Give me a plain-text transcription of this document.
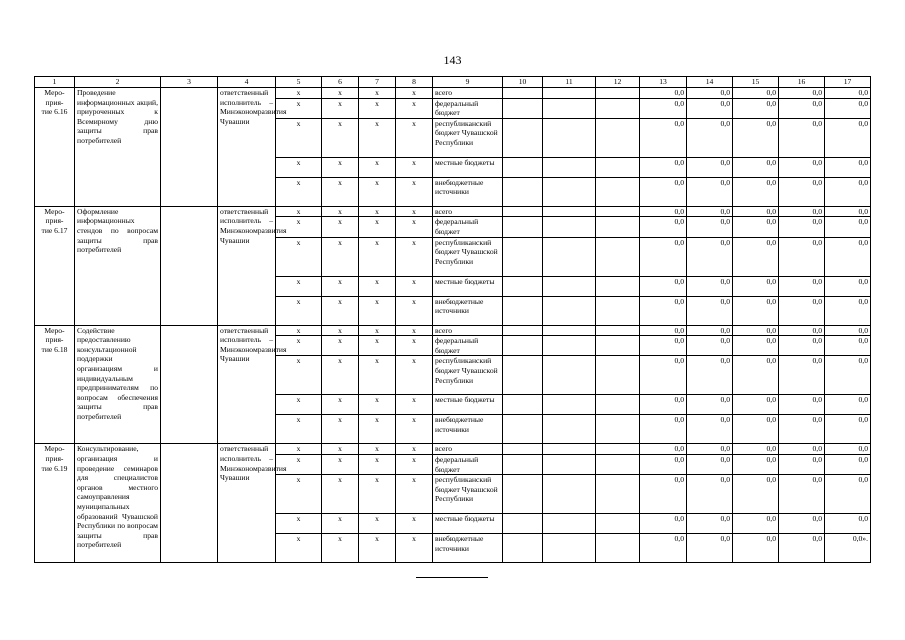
143
1	2	3	4	5	6	7	8	9	10	11	12	13	14	15	16	17
Меро-
прия-
тие 6.16	Проведение информационных акций, приуроченных к Всемирному дню защиты прав потребителей		ответственный исполнитель – Минэкономразвития Чувашии	x	x	x	x	всего				0,0	0,0	0,0	0,0	0,0
				x	x	x	x	федеральный бюджет				0,0	0,0	0,0	0,0	0,0
				x	x	x	x	республиканский бюджет Чувашской Республики				0,0	0,0	0,0	0,0	0,0
				x	x	x	x	местные бюджеты				0,0	0,0	0,0	0,0	0,0
				x	x	x	x	внебюджетные источники				0,0	0,0	0,0	0,0	0,0
Меро-
прия-
тие 6.17	Оформление информационных стендов по вопросам защиты прав потребителей		ответственный исполнитель – Минэкономразвития Чувашии	x	x	x	x	всего				0,0	0,0	0,0	0,0	0,0
				x	x	x	x	федеральный бюджет				0,0	0,0	0,0	0,0	0,0
				x	x	x	x	республиканский бюджет Чувашской Республики				0,0	0,0	0,0	0,0	0,0
				x	x	x	x	местные бюджеты				0,0	0,0	0,0	0,0	0,0
				x	x	x	x	внебюджетные источники				0,0	0,0	0,0	0,0	0,0
Меро-
прия-
тие 6.18	Содействие предоставлению консультационной поддержки организациям и индивидуальным предпринимателям по вопросам обеспечения защиты прав потребителей		ответственный исполнитель – Минэкономразвития Чувашии	x	x	x	x	всего				0,0	0,0	0,0	0,0	0,0
				x	x	x	x	федеральный бюджет				0,0	0,0	0,0	0,0	0,0
				x	x	x	x	республиканский бюджет Чувашской Республики				0,0	0,0	0,0	0,0	0,0
				x	x	x	x	местные бюджеты				0,0	0,0	0,0	0,0	0,0
				x	x	x	x	внебюджетные источники				0,0	0,0	0,0	0,0	0,0
Меро-
прия-
тие 6.19	Консультирование, организация и проведение семинаров для специалистов органов местного самоуправления муниципальных образований Чувашской Республики по вопросам защиты прав потребителей		ответственный исполнитель – Минэкономразвития Чувашии	x	x	x	x	всего				0,0	0,0	0,0	0,0	0,0
				x	x	x	x	федеральный бюджет				0,0	0,0	0,0	0,0	0,0
				x	x	x	x	республиканский бюджет Чувашской Республики				0,0	0,0	0,0	0,0	0,0
				x	x	x	x	местные бюджеты				0,0	0,0	0,0	0,0	0,0
				x	x	x	x	внебюджетные источники				0,0	0,0	0,0	0,0	0,0».
